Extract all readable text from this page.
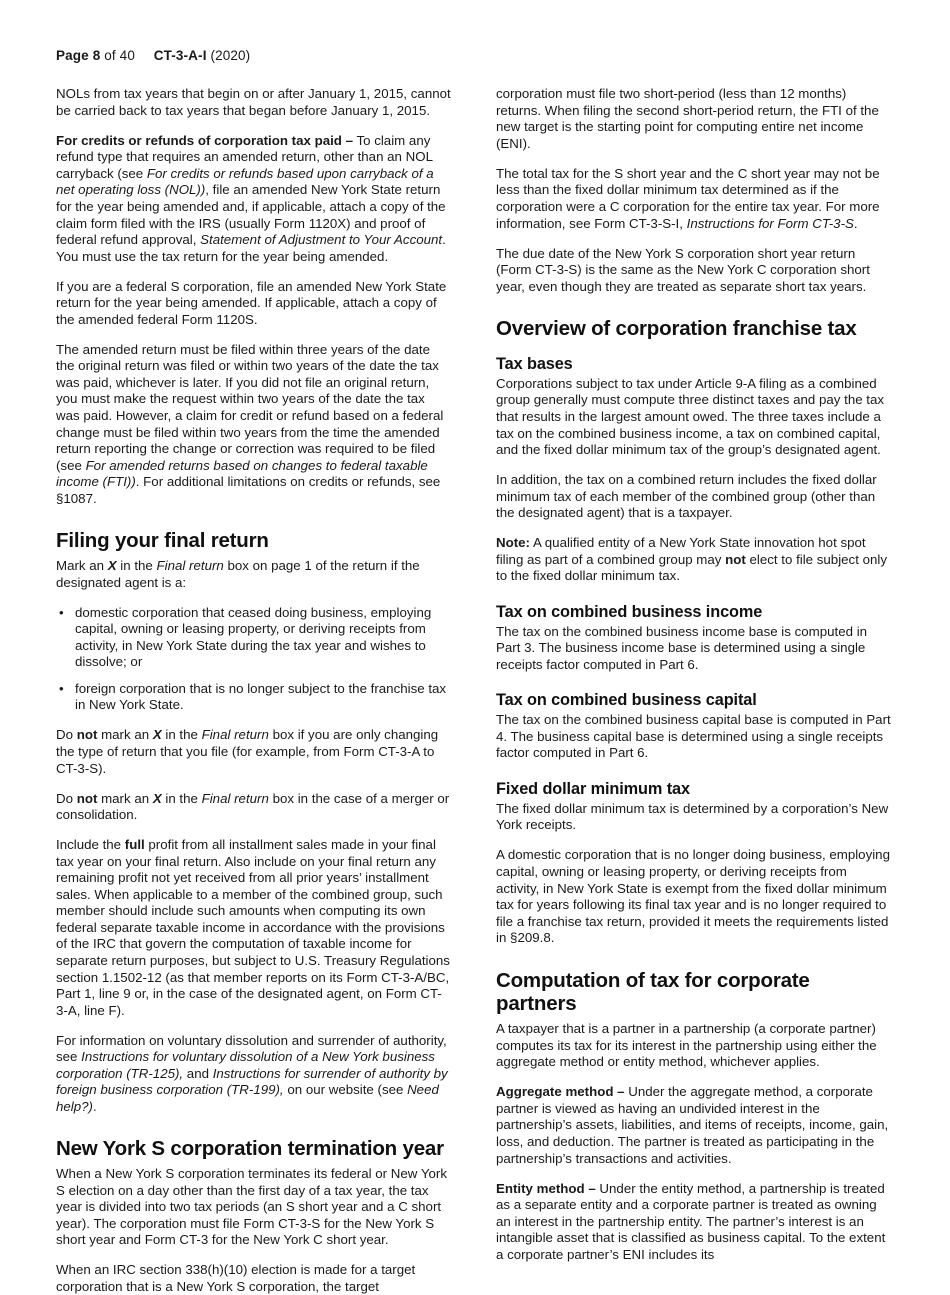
Page 8 of 40 CT-3-A-I (2020)

NOLs from tax years that begin on or after January 1, 2015, cannot be carried back to tax years that began before January 1, 2015.

For credits or refunds of corporation tax paid – To claim any refund type that requires an amended return, other than an NOL carryback (see For credits or refunds based upon carryback of a net operating loss (NOL)), file an amended New York State return for the year being amended and, if applicable, attach a copy of the claim form filed with the IRS (usually Form 1120X) and proof of federal refund approval, Statement of Adjustment to Your Account. You must use the tax return for the year being amended.

If you are a federal S corporation, file an amended New York State return for the year being amended. If applicable, attach a copy of the amended federal Form 1120S.

The amended return must be filed within three years of the date the original return was filed or within two years of the date the tax was paid, whichever is later. If you did not file an original return, you must make the request within two years of the date the tax was paid. However, a claim for credit or refund based on a federal change must be filed within two years from the time the amended return reporting the change or correction was required to be filed (see For amended returns based on changes to federal taxable income (FTI)). For additional limitations on credits or refunds, see §1087.

Filing your final return

Mark an X in the Final return box on page 1 of the return if the designated agent is a:

• domestic corporation that ceased doing business, employing capital, owning or leasing property, or deriving receipts from activity, in New York State during the tax year and wishes to dissolve; or
• foreign corporation that is no longer subject to the franchise tax in New York State.

Do not mark an X in the Final return box if you are only changing the type of return that you file (for example, from Form CT-3-A to CT-3-S).

Do not mark an X in the Final return box in the case of a merger or consolidation.

Include the full profit from all installment sales made in your final tax year on your final return. Also include on your final return any remaining profit not yet received from all prior years’ installment sales. When applicable to a member of the combined group, such member should include such amounts when computing its own federal separate taxable income in accordance with the provisions of the IRC that govern the computation of taxable income for separate return purposes, but subject to U.S. Treasury Regulations section 1.1502-12 (as that member reports on its Form CT-3-A/BC, Part 1, line 9 or, in the case of the designated agent, on Form CT-3-A, line F).

For information on voluntary dissolution and surrender of authority, see Instructions for voluntary dissolution of a New York business corporation (TR-125), and Instructions for surrender of authority by foreign business corporation (TR-199), on our website (see Need help?).

New York S corporation termination year

When a New York S corporation terminates its federal or New York S election on a day other than the first day of a tax year, the tax year is divided into two tax periods (an S short year and a C short year). The corporation must file Form CT-3-S for the New York S short year and Form CT-3 for the New York C short year.

When an IRC section 338(h)(10) election is made for a target corporation that is a New York S corporation, the target

corporation must file two short-period (less than 12 months) returns. When filing the second short-period return, the FTI of the new target is the starting point for computing entire net income (ENI).

The total tax for the S short year and the C short year may not be less than the fixed dollar minimum tax determined as if the corporation were a C corporation for the entire tax year. For more information, see Form CT-3-S-I, Instructions for Form CT-3-S.

The due date of the New York S corporation short year return (Form CT-3-S) is the same as the New York C corporation short year, even though they are treated as separate short tax years.

Overview of corporation franchise tax
Tax bases

Corporations subject to tax under Article 9-A filing as a combined group generally must compute three distinct taxes and pay the tax that results in the largest amount owed. The three taxes include a tax on the combined business income, a tax on combined capital, and the fixed dollar minimum tax of the group’s designated agent.

In addition, the tax on a combined return includes the fixed dollar minimum tax of each member of the combined group (other than the designated agent) that is a taxpayer.

Note: A qualified entity of a New York State innovation hot spot filing as part of a combined group may not elect to file subject only to the fixed dollar minimum tax.

Tax on combined business income

The tax on the combined business income base is computed in Part 3. The business income base is determined using a single receipts factor computed in Part 6.

Tax on combined business capital

The tax on the combined business capital base is computed in Part 4. The business capital base is determined using a single receipts factor computed in Part 6.

Fixed dollar minimum tax

The fixed dollar minimum tax is determined by a corporation’s New York receipts.

A domestic corporation that is no longer doing business, employing capital, owning or leasing property, or deriving receipts from activity, in New York State is exempt from the fixed dollar minimum tax for years following its final tax year and is no longer required to file a franchise tax return, provided it meets the requirements listed in §209.8.

Computation of tax for corporate partners

A taxpayer that is a partner in a partnership (a corporate partner) computes its tax for its interest in the partnership using either the aggregate method or entity method, whichever applies.

Aggregate method – Under the aggregate method, a corporate partner is viewed as having an undivided interest in the partnership’s assets, liabilities, and items of receipts, income, gain, loss, and deduction. The partner is treated as participating in the partnership’s transactions and activities.

Entity method – Under the entity method, a partnership is treated as a separate entity and a corporate partner is treated as owning an interest in the partnership entity. The partner’s interest is an intangible asset that is classified as business capital. To the extent a corporate partner’s ENI includes its
